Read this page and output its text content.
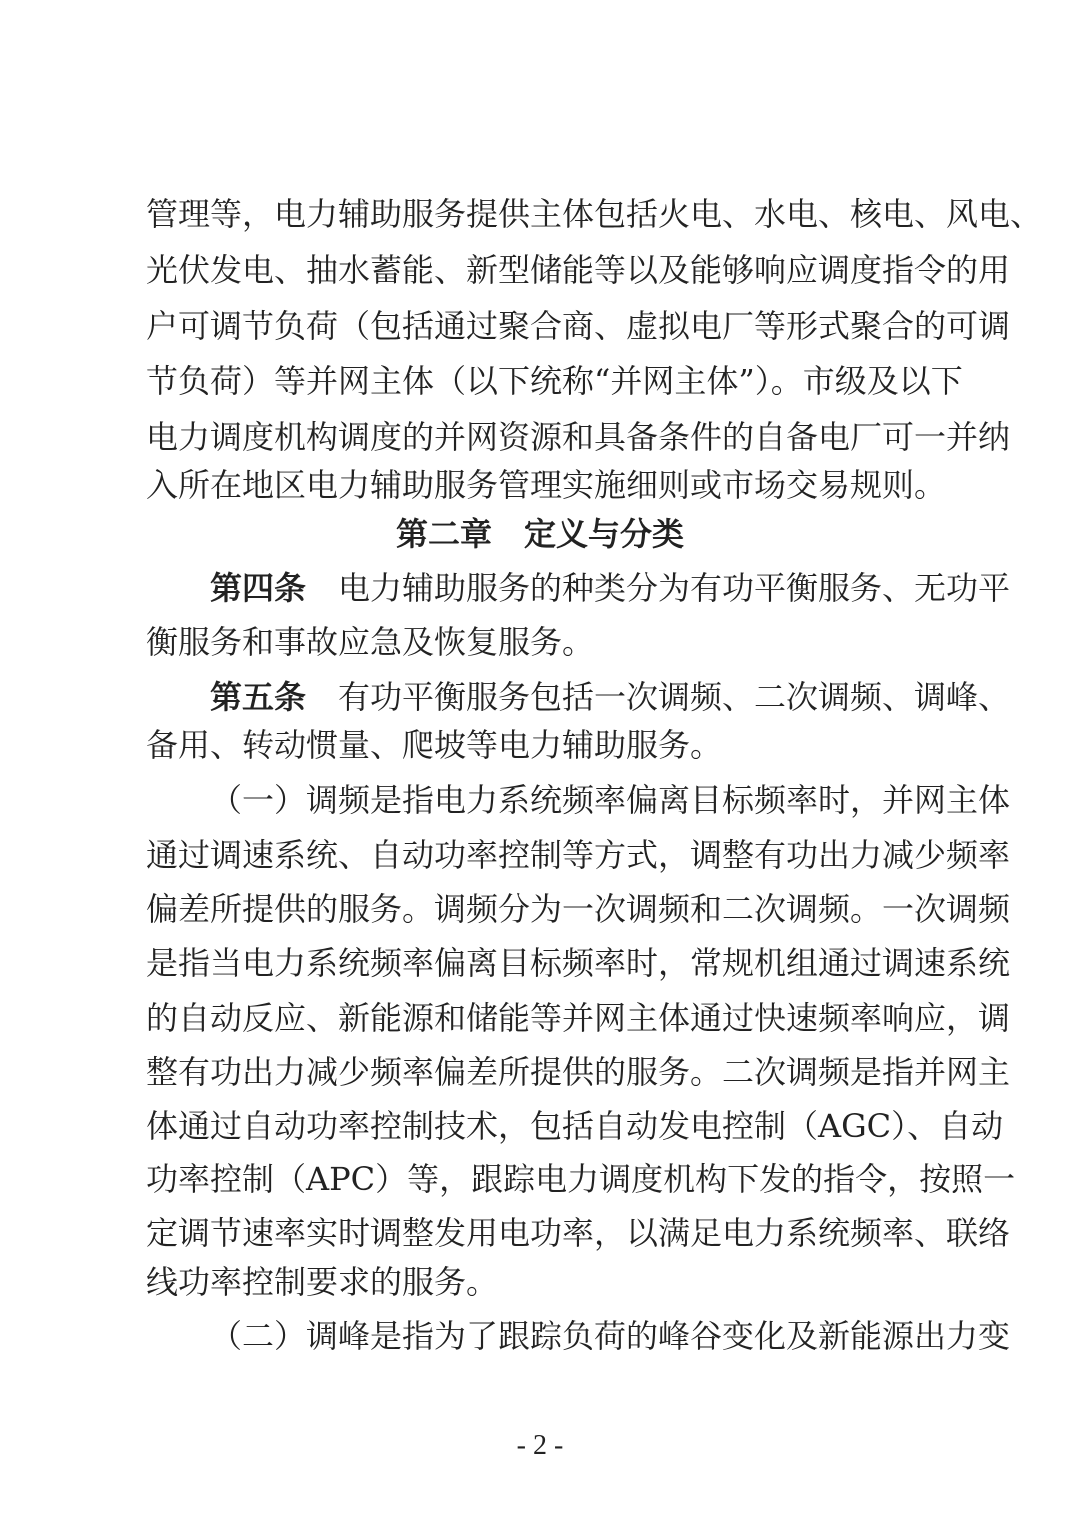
管理等，电力辅助服务提供主体包括火电、水电、核电、风电、
光伏发电、抽水蓄能、新型储能等以及能够响应调度指令的用
户可调节负荷（包括通过聚合商、虚拟电厂等形式聚合的可调
节负荷）等并网主体（以下统称“并网主体”）。市级及以下
电力调度机构调度的并网资源和具备条件的自备电厂可一并纳
入所在地区电力辅助服务管理实施细则或市场交易规则。
第二章　定义与分类
第四条　电力辅助服务的种类分为有功平衡服务、无功平
衡服务和事故应急及恢复服务。
第五条　有功平衡服务包括一次调频、二次调频、调峰、
备用、转动惯量、爬坡等电力辅助服务。
（一）调频是指电力系统频率偏离目标频率时，并网主体
通过调速系统、自动功率控制等方式，调整有功出力减少频率
偏差所提供的服务。调频分为一次调频和二次调频。一次调频
是指当电力系统频率偏离目标频率时，常规机组通过调速系统
的自动反应、新能源和储能等并网主体通过快速频率响应，调
整有功出力减少频率偏差所提供的服务。二次调频是指并网主
体通过自动功率控制技术，包括自动发电控制（AGC）、自动
功率控制（APC）等，跟踪电力调度机构下发的指令，按照一
定调节速率实时调整发用电功率，以满足电力系统频率、联络
线功率控制要求的服务。
（二）调峰是指为了跟踪负荷的峰谷变化及新能源出力变
- 2 -
